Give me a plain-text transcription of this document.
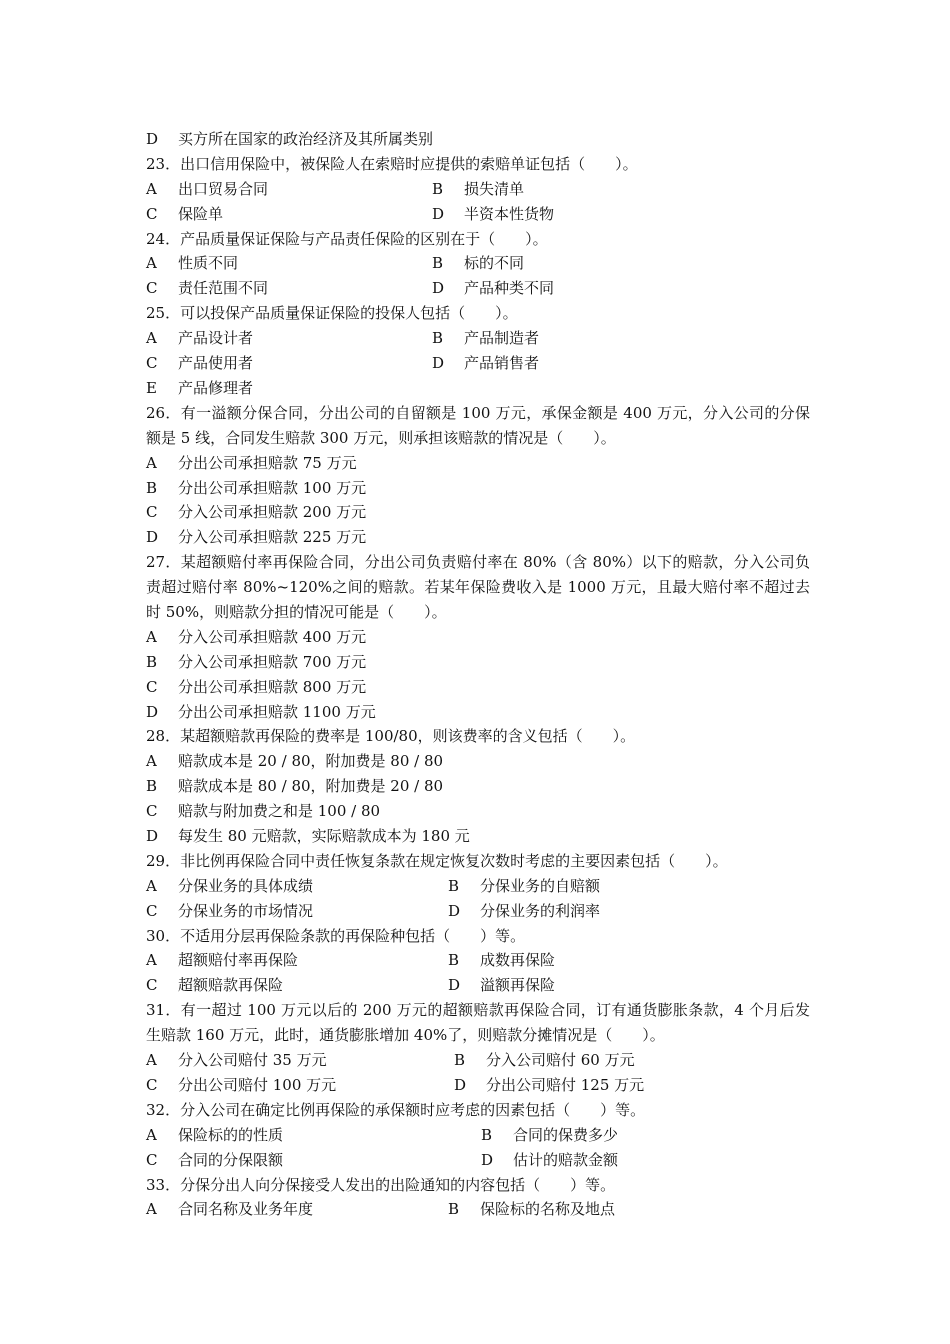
D 买方所在国家的政治经济及其所属类别
23．出口信用保险中，被保险人在索赔时应提供的索赔单证包括（　　）。
A 出口贸易合同	B 损失清单
C 保险单	D 半资本性货物
24．产品质量保证保险与产品责任保险的区别在于（　　）。
A 性质不同	B 标的不同
C 责任范围不同	D 产品种类不同
25．可以投保产品质量保证保险的投保人包括（　　）。
A 产品设计者	B 产品制造者
C 产品使用者	D 产品销售者
E 产品修理者
26．有一溢额分保合同，分出公司的自留额是 100 万元，承保金额是 400 万元，分入公司的分保额是 5 线，合同发生赔款 300 万元，则承担该赔款的情况是（　　）。
A 分出公司承担赔款 75 万元
B 分出公司承担赔款 100 万元
C 分入公司承担赔款 200 万元
D 分入公司承担赔款 225 万元
27．某超额赔付率再保险合同，分出公司负责赔付率在 80%（含 80%）以下的赔款，分入公司负责超过赔付率 80%~120%之间的赔款。若某年保险费收入是 1000 万元，且最大赔付率不超过去时 50%，则赔款分担的情况可能是（　　）。
A 分入公司承担赔款 400 万元
B 分入公司承担赔款 700 万元
C 分出公司承担赔款 800 万元
D 分出公司承担赔款 1100 万元
28．某超额赔款再保险的费率是 100/80，则该费率的含义包括（　　）。
A 赔款成本是 20 / 80，附加费是 80 / 80
B 赔款成本是 80 / 80，附加费是 20 / 80
C 赔款与附加费之和是 100 / 80
D 每发生 80 元赔款，实际赔款成本为 180 元
29．非比例再保险合同中责任恢复条款在规定恢复次数时考虑的主要因素包括（　　）。
A 分保业务的具体成绩	B 分保业务的自赔额
C 分保业务的市场情况	D 分保业务的利润率
30．不适用分层再保险条款的再保险种包括（　　）等。
A 超额赔付率再保险	B 成数再保险
C 超额赔款再保险	D 溢额再保险
31．有一超过 100 万元以后的 200 万元的超额赔款再保险合同，订有通货膨胀条款，4 个月后发生赔款 160 万元，此时，通货膨胀增加 40%了，则赔款分摊情况是（　　）。
A 分入公司赔付 35 万元	B 分入公司赔付 60 万元
C 分出公司赔付 100 万元	D 分出公司赔付 125 万元
32．分入公司在确定比例再保险的承保额时应考虑的因素包括（　　）等。
A 保险标的的性质	B 合同的保费多少
C 合同的分保限额	D 估计的赔款金额
33．分保分出人向分保接受人发出的出险通知的内容包括（　　）等。
A 合同名称及业务年度	B 保险标的名称及地点
